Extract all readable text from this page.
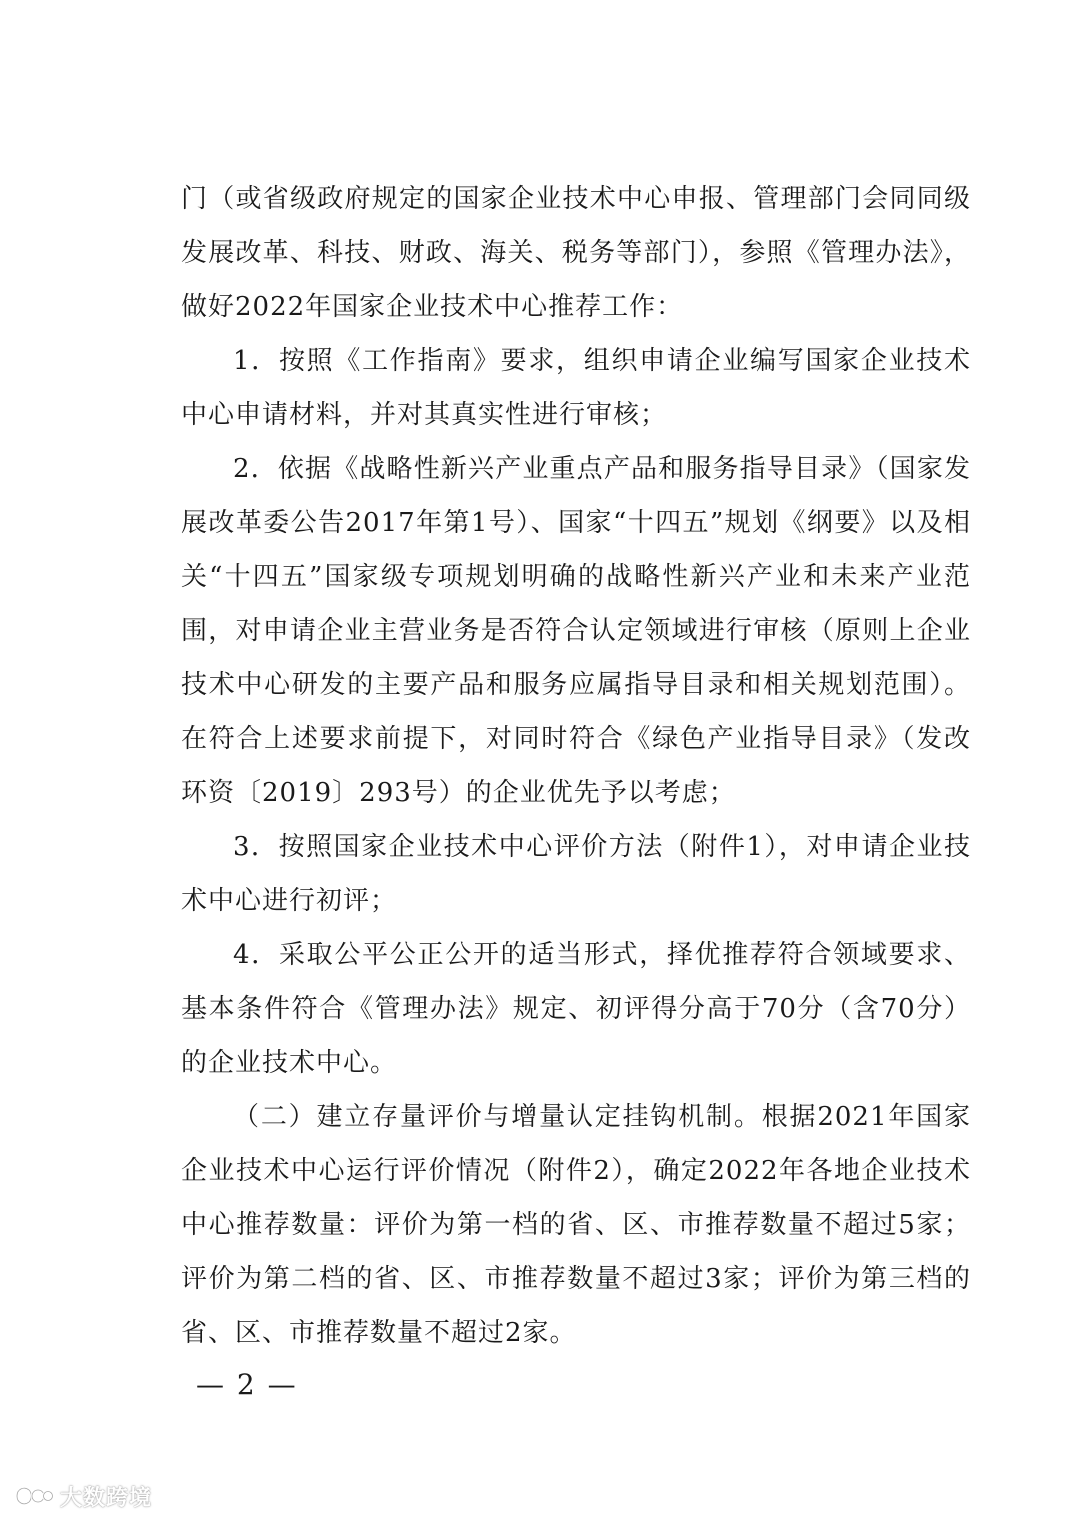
门（或省级政府规定的国家企业技术中心申报、管理部门会同同级发展改革、科技、财政、海关、税务等部门），参照《管理办法》，做好2022年国家企业技术中心推荐工作：

1．按照《工作指南》要求，组织申请企业编写国家企业技术中心申请材料，并对其真实性进行审核；

2．依据《战略性新兴产业重点产品和服务指导目录》（国家发展改革委公告2017年第1号）、国家“十四五”规划《纲要》以及相关“十四五”国家级专项规划明确的战略性新兴产业和未来产业范围，对申请企业主营业务是否符合认定领域进行审核（原则上企业技术中心研发的主要产品和服务应属指导目录和相关规划范围）。在符合上述要求前提下，对同时符合《绿色产业指导目录》（发改环资〔2019〕293号）的企业优先予以考虑；

3．按照国家企业技术中心评价方法（附件1），对申请企业技术中心进行初评；

4．采取公平公正公开的适当形式，择优推荐符合领域要求、基本条件符合《管理办法》规定、初评得分高于70分（含70分）的企业技术中心。

（二）建立存量评价与增量认定挂钩机制。根据2021年国家企业技术中心运行评价情况（附件2），确定2022年各地企业技术中心推荐数量：评价为第一档的省、区、市推荐数量不超过5家；评价为第二档的省、区、市推荐数量不超过3家；评价为第三档的省、区、市推荐数量不超过2家。

— 2 —
大数跨境
